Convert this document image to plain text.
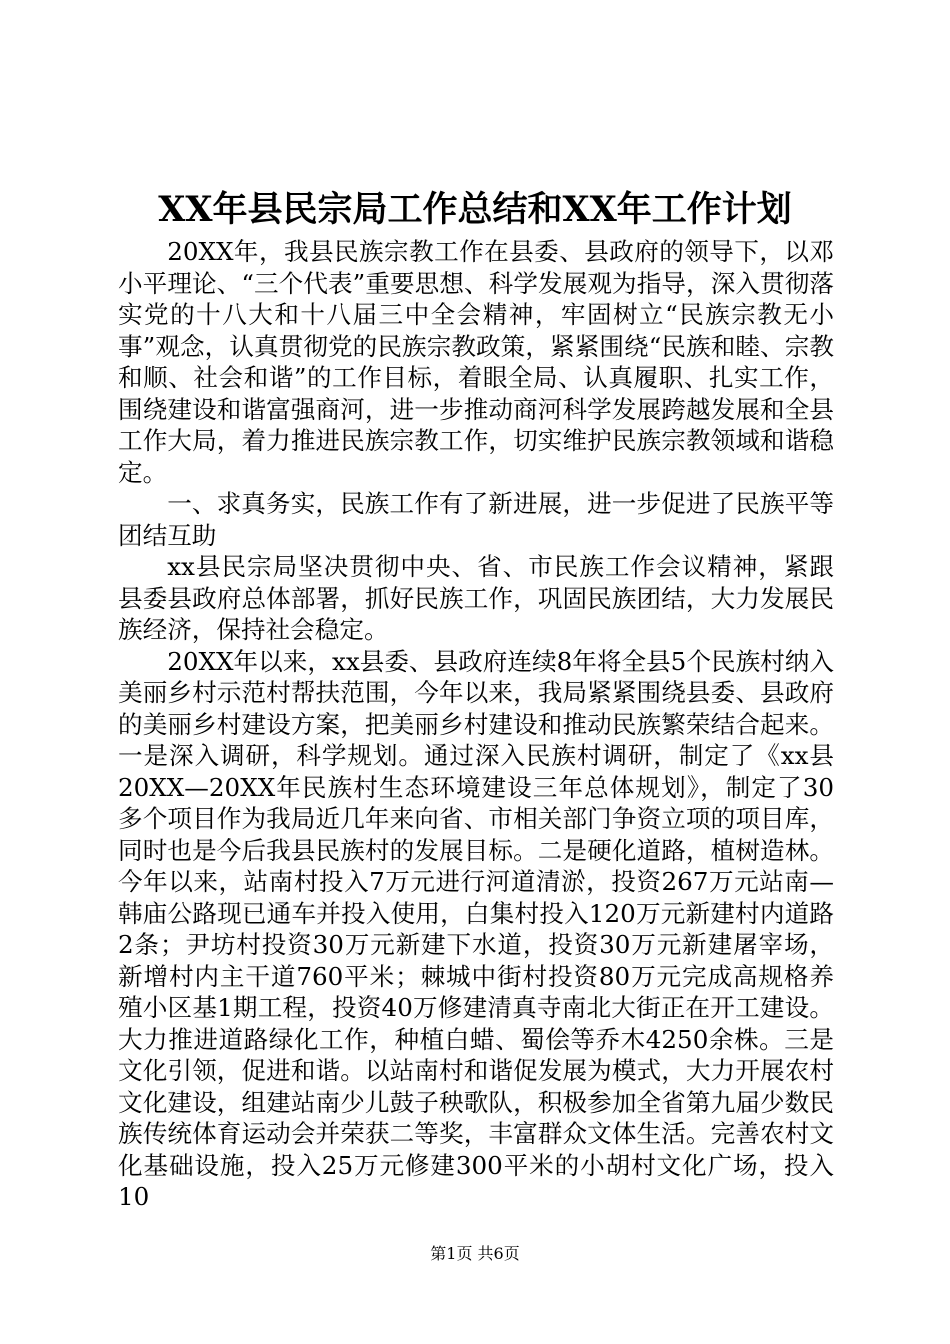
XX年县民宗局工作总结和XX年工作计划

20XX年，我县民族宗教工作在县委、县政府的领导下，以邓小平理论、“三个代表”重要思想、科学发展观为指导，深入贯彻落实党的十八大和十八届三中全会精神，牢固树立“民族宗教无小事”观念，认真贯彻党的民族宗教政策，紧紧围绕“民族和睦、宗教和顺、社会和谐”的工作目标，着眼全局、认真履职、扎实工作，围绕建设和谐富强商河，进一步推动商河科学发展跨越发展和全县工作大局，着力推进民族宗教工作，切实维护民族宗教领域和谐稳定。

一、求真务实，民族工作有了新进展，进一步促进了民族平等团结互助

xx县民宗局坚决贯彻中央、省、市民族工作会议精神，紧跟县委县政府总体部署，抓好民族工作，巩固民族团结，大力发展民族经济，保持社会稳定。

20XX年以来，xx县委、县政府连续8年将全县5个民族村纳入美丽乡村示范村帮扶范围，今年以来，我局紧紧围绕县委、县政府的美丽乡村建设方案，把美丽乡村建设和推动民族繁荣结合起来。一是深入调研，科学规划。通过深入民族村调研，制定了《xx县20XX—20XX年民族村生态环境建设三年总体规划》，制定了30多个项目作为我局近几年来向省、市相关部门争资立项的项目库，同时也是今后我县民族村的发展目标。二是硬化道路，植树造林。今年以来，站南村投入7万元进行河道清淤，投资267万元站南—韩庙公路现已通车并投入使用，白集村投入120万元新建村内道路2条；尹坊村投资30万元新建下水道，投资30万元新建屠宰场，新增村内主干道760平米；棘城中街村投资80万元完成高规格养殖小区基1期工程，投资40万修建清真寺南北大街正在开工建设。大力推进道路绿化工作，种植白蜡、蜀侩等乔木4250余株。三是文化引领，促进和谐。以站南村和谐促发展为模式，大力开展农村文化建设，组建站南少儿鼓子秧歌队，积极参加全省第九届少数民族传统体育运动会并荣获二等奖，丰富群众文体生活。完善农村文化基础设施，投入25万元修建300平米的小胡村文化广场，投入10

第1页 共6页
